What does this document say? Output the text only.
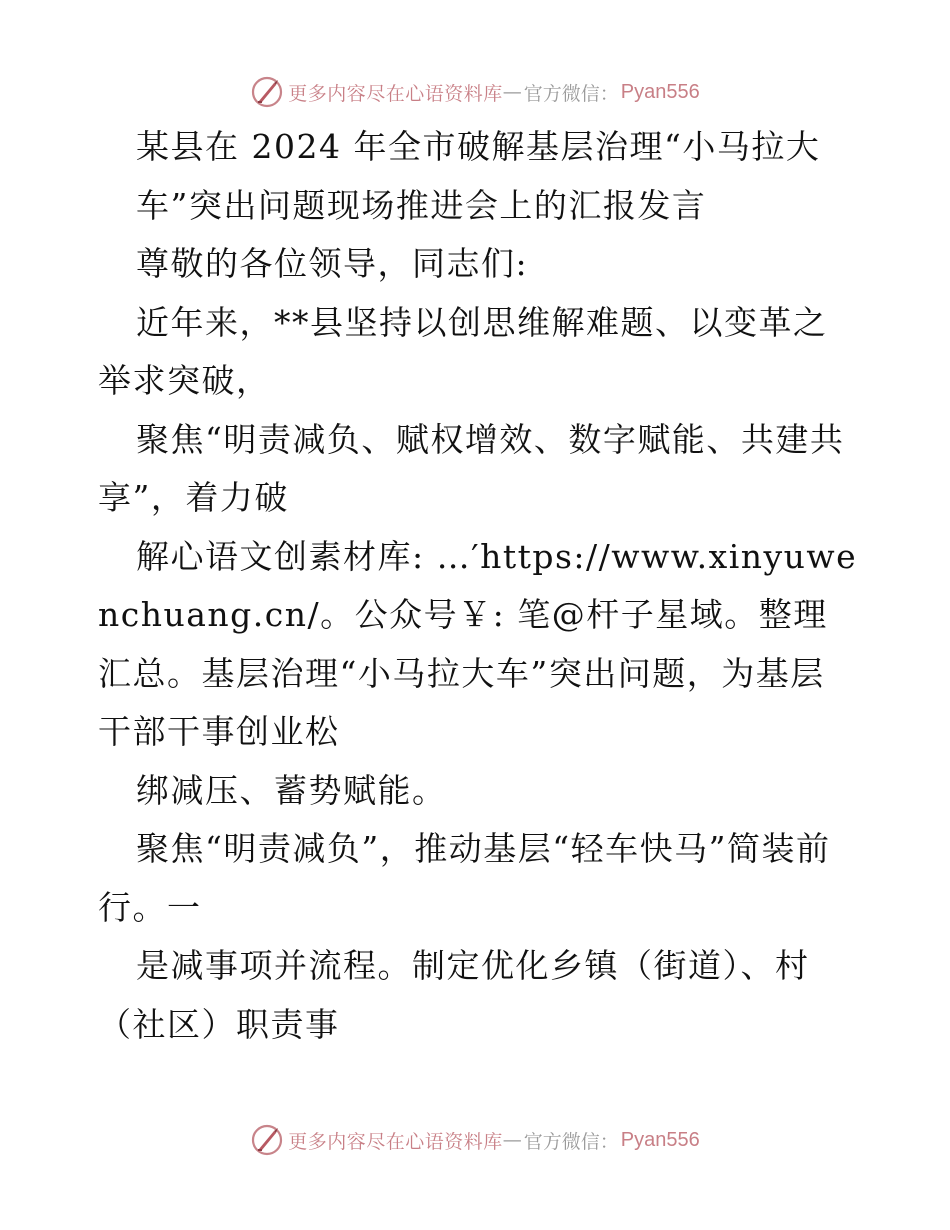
更多内容尽在心语资料库 — 官方微信： Pyan556

某县在 2024 年全市破解基层治理“小马拉大车”突出问题现场推进会上的汇报发言

尊敬的各位领导，同志们:

近年来，**县坚持以创思维解难题、以变革之举求突破，

聚焦“明责减负、赋权增效、数字赋能、共建共享”，着力破

解心语文创素材库: …′https://www.xinyuwenchuang.cn/。公众号￥: 笔@杆子星域。整理汇总。基层治理“小马拉大车”突出问题，为基层干部干事创业松

绑减压、蓄势赋能。

聚焦“明责减负”，推动基层“轻车快马”简装前行。一

是减事项并流程。制定优化乡镇（街道）、村（社区）职责事

更多内容尽在心语资料库 — 官方微信： Pyan556
